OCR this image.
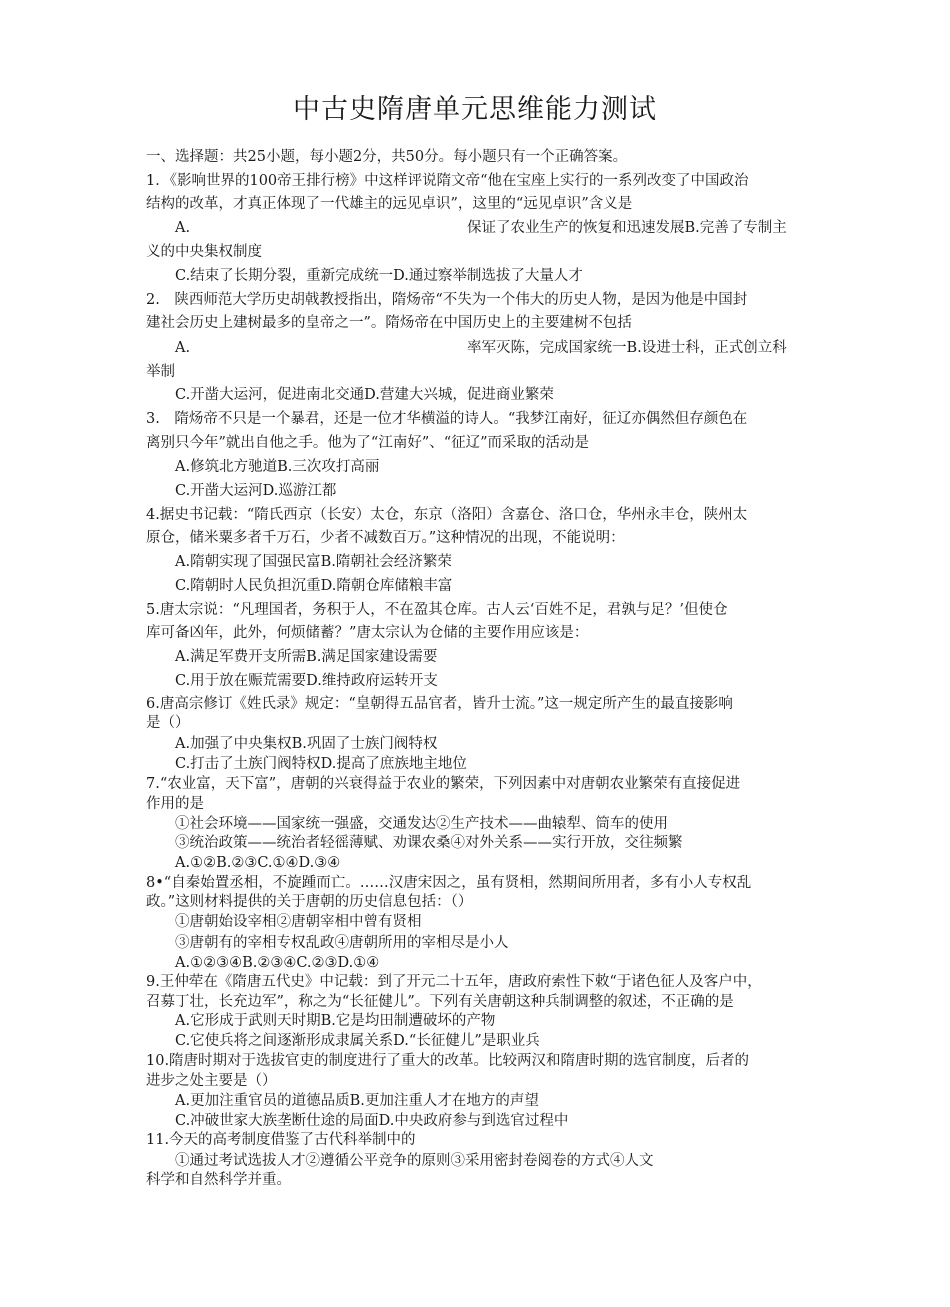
中古史隋唐单元思维能力测试
一、选择题：共25小题，每小题2分，共50分。每小题只有一个正确答案。
1．《影响世界的100帝王排行榜》中这样评说隋文帝“他在宝座上实行的一系列改变了中国政治
结构的改革，才真正体现了一代雄主的远见卓识”，这里的“远见卓识”含义是
A.	保证了农业生产的恢复和迅速发展B.完善了专制主
义的中央集权制度
C.结束了长期分裂，重新完成统一D.通过察举制选拔了大量人才
2.　陕西师范大学历史胡戟教授指出，隋炀帝“不失为一个伟大的历史人物，是因为他是中国封
建社会历史上建树最多的皇帝之一”。隋炀帝在中国历史上的主要建树不包括
A.	率军灭陈，完成国家统一B.设进士科，正式创立科
举制
C.开凿大运河，促进南北交通D.营建大兴城，促进商业繁荣
3.　隋炀帝不只是一个暴君，还是一位才华横溢的诗人。“我梦江南好，征辽亦偶然但存颜色在
离别只今年”就出自他之手。他为了“江南好”、“征辽”而采取的活动是
A.修筑北方驰道B.三次攻打高丽
C.开凿大运河D.巡游江都
4.据史书记载：“隋氏西京（长安）太仓，东京（洛阳）含嘉仓、洛口仓，华州永丰仓，陕州太
原仓，储米粟多者千万石，少者不减数百万。”这种情况的出现，不能说明：
A.隋朝实现了国强民富B.隋朝社会经济繁荣
C.隋朝时人民负担沉重D.隋朝仓库储粮丰富
5.唐太宗说：“凡理国者，务积于人，不在盈其仓库。古人云‘百姓不足，君孰与足？’但使仓
库可备凶年，此外，何烦储蓄？”唐太宗认为仓储的主要作用应该是：
A.满足军费开支所需B.满足国家建设需要
C.用于放在赈荒需要D.维持政府运转开支
6.唐高宗修订《姓氏录》规定：“皇朝得五品官者，皆升士流。”这一规定所产生的最直接影响
是（）
A.加强了中央集权B.巩固了士族门阀特权
C.打击了土族门阀特权D.提高了庶族地主地位
7.“农业富，天下富”，唐朝的兴衰得益于农业的繁荣，下列因素中对唐朝农业繁荣有直接促进
作用的是
①社会环境——国家统一强盛，交通发达②生产技术——曲辕犁、筒车的使用
③统治政策——统治者轻徭薄赋、劝课农桑④对外关系——实行开放，交往频繁
A.①②B.②③C.①④D.③④
8•“自秦始置丞相，不旋踵而亡。……汉唐宋因之，虽有贤相，然期间所用者，多有小人专权乱
政。”这则材料提供的关于唐朝的历史信息包括：（）
①唐朝始设宰相②唐朝宰相中曾有贤相
③唐朝有的宰相专权乱政④唐朝所用的宰相尽是小人
A.①②③④B.②③④C.②③D.①④
9.王仲荦在《隋唐五代史》中记载：到了开元二十五年，唐政府索性下敕“于诸色征人及客户中，
召募丁壮，长充边军”，称之为“长征健儿”。下列有关唐朝这种兵制调整的叙述，不正确的是
A.它形成于武则天时期B.它是均田制遭破坏的产物
C.它使兵将之间逐渐形成隶属关系D.“长征健儿”是职业兵
10.隋唐时期对于选拔官吏的制度进行了重大的改革。比较两汉和隋唐时期的选官制度，后者的
进步之处主要是（）
A.更加注重官员的道德品质B.更加注重人才在地方的声望
C.冲破世家大族垄断仕途的局面D.中央政府参与到选官过程中
11.今天的高考制度借鉴了古代科举制中的
①通过考试选拔人才②遵循公平竞争的原则③采用密封卷阅卷的方式④人文
科学和自然科学并重。
